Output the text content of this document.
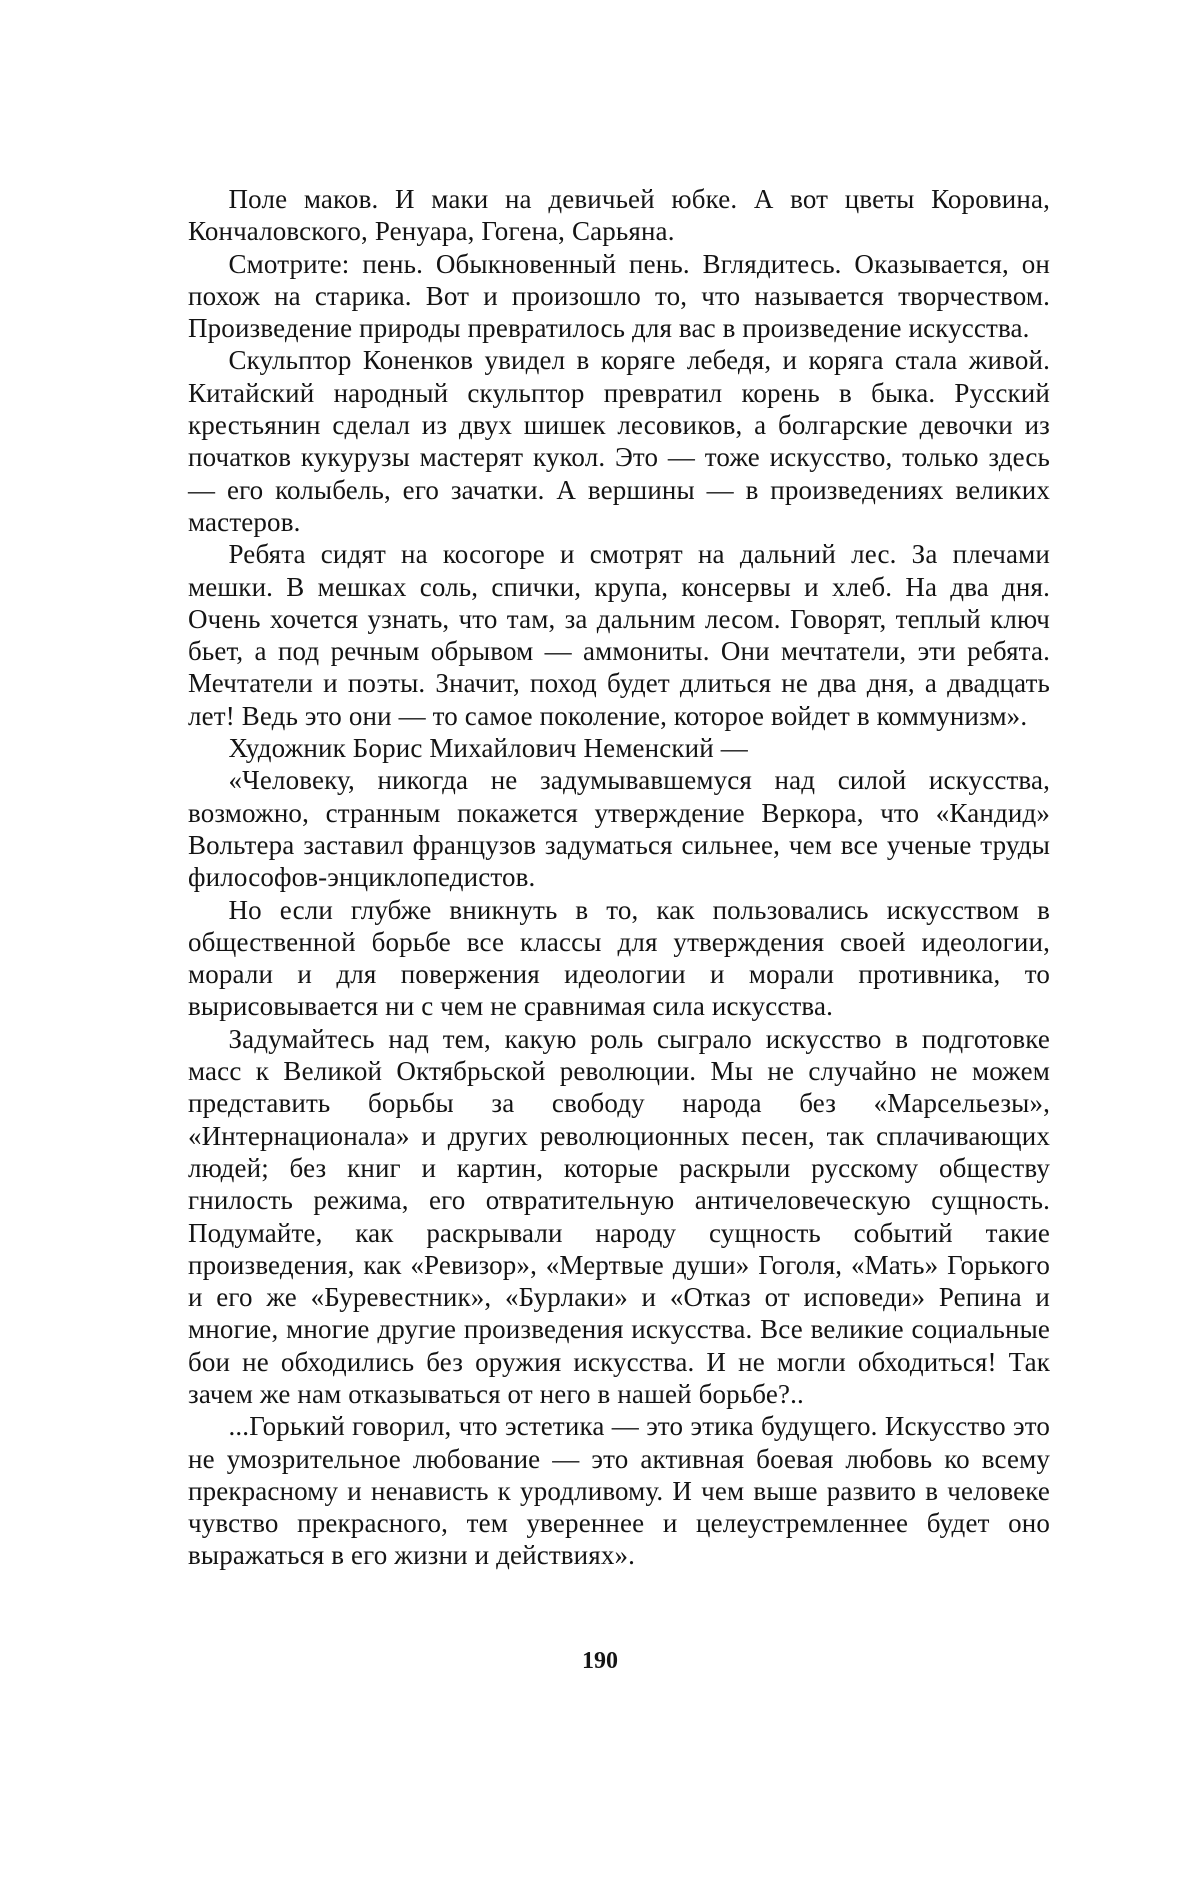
Поле маков. И маки на девичьей юбке. А вот цветы Коровина, Кончаловского, Ренуара, Гогена, Сарьяна.

Смотрите: пень. Обыкновенный пень. Вглядитесь. Оказывается, он похож на старика. Вот и произошло то, что называется творчеством. Произведение природы превратилось для вас в произведение искусства.

Скульптор Коненков увидел в коряге лебедя, и коряга стала живой. Китайский народный скульптор превратил корень в быка. Русский крестьянин сделал из двух шишек лесовиков, а болгарские девочки из початков кукурузы мастерят кукол. Это — тоже искусство, только здесь — его колыбель, его зачатки. А вершины — в произведениях великих мастеров.

Ребята сидят на косогоре и смотрят на дальний лес. За плечами мешки. В мешках соль, спички, крупа, консервы и хлеб. На два дня. Очень хочется узнать, что там, за дальним лесом. Говорят, теплый ключ бьет, а под речным обрывом — аммониты. Они мечтатели, эти ребята. Мечтатели и поэты. Значит, поход будет длиться не два дня, а двадцать лет! Ведь это они — то самое поколение, которое войдет в коммунизм».

Художник Борис Михайлович Неменский —

«Человеку, никогда не задумывавшемуся над силой искусства, возможно, странным покажется утверждение Веркора, что «Кандид» Вольтера заставил французов задуматься сильнее, чем все ученые труды философов-энциклопедистов.

Но если глубже вникнуть в то, как пользовались искусством в общественной борьбе все классы для утверждения своей идеологии, морали и для повержения идеологии и морали противника, то вырисовывается ни с чем не сравнимая сила искусства.

Задумайтесь над тем, какую роль сыграло искусство в подготовке масс к Великой Октябрьской революции. Мы не случайно не можем представить борьбы за свободу народа без «Марсельезы», «Интернационала» и других революционных песен, так сплачивающих людей; без книг и картин, которые раскрыли русскому обществу гнилость режима, его отвратительную античеловеческую сущность. Подумайте, как раскрывали народу сущность событий такие произведения, как «Ревизор», «Мертвые души» Гоголя, «Мать» Горького и его же «Буревестник», «Бурлаки» и «Отказ от исповеди» Репина и многие, многие другие произведения искусства. Все великие социальные бои не обходились без оружия искусства. И не могли обходиться! Так зачем же нам отказываться от него в нашей борьбе?..

...Горький говорил, что эстетика — это этика будущего. Искусство это не умозрительное любование — это активная боевая любовь ко всему прекрасному и ненависть к уродливому. И чем выше развито в человеке чувство прекрасного, тем увереннее и целеустремленнее будет оно выражаться в его жизни и действиях».

190
